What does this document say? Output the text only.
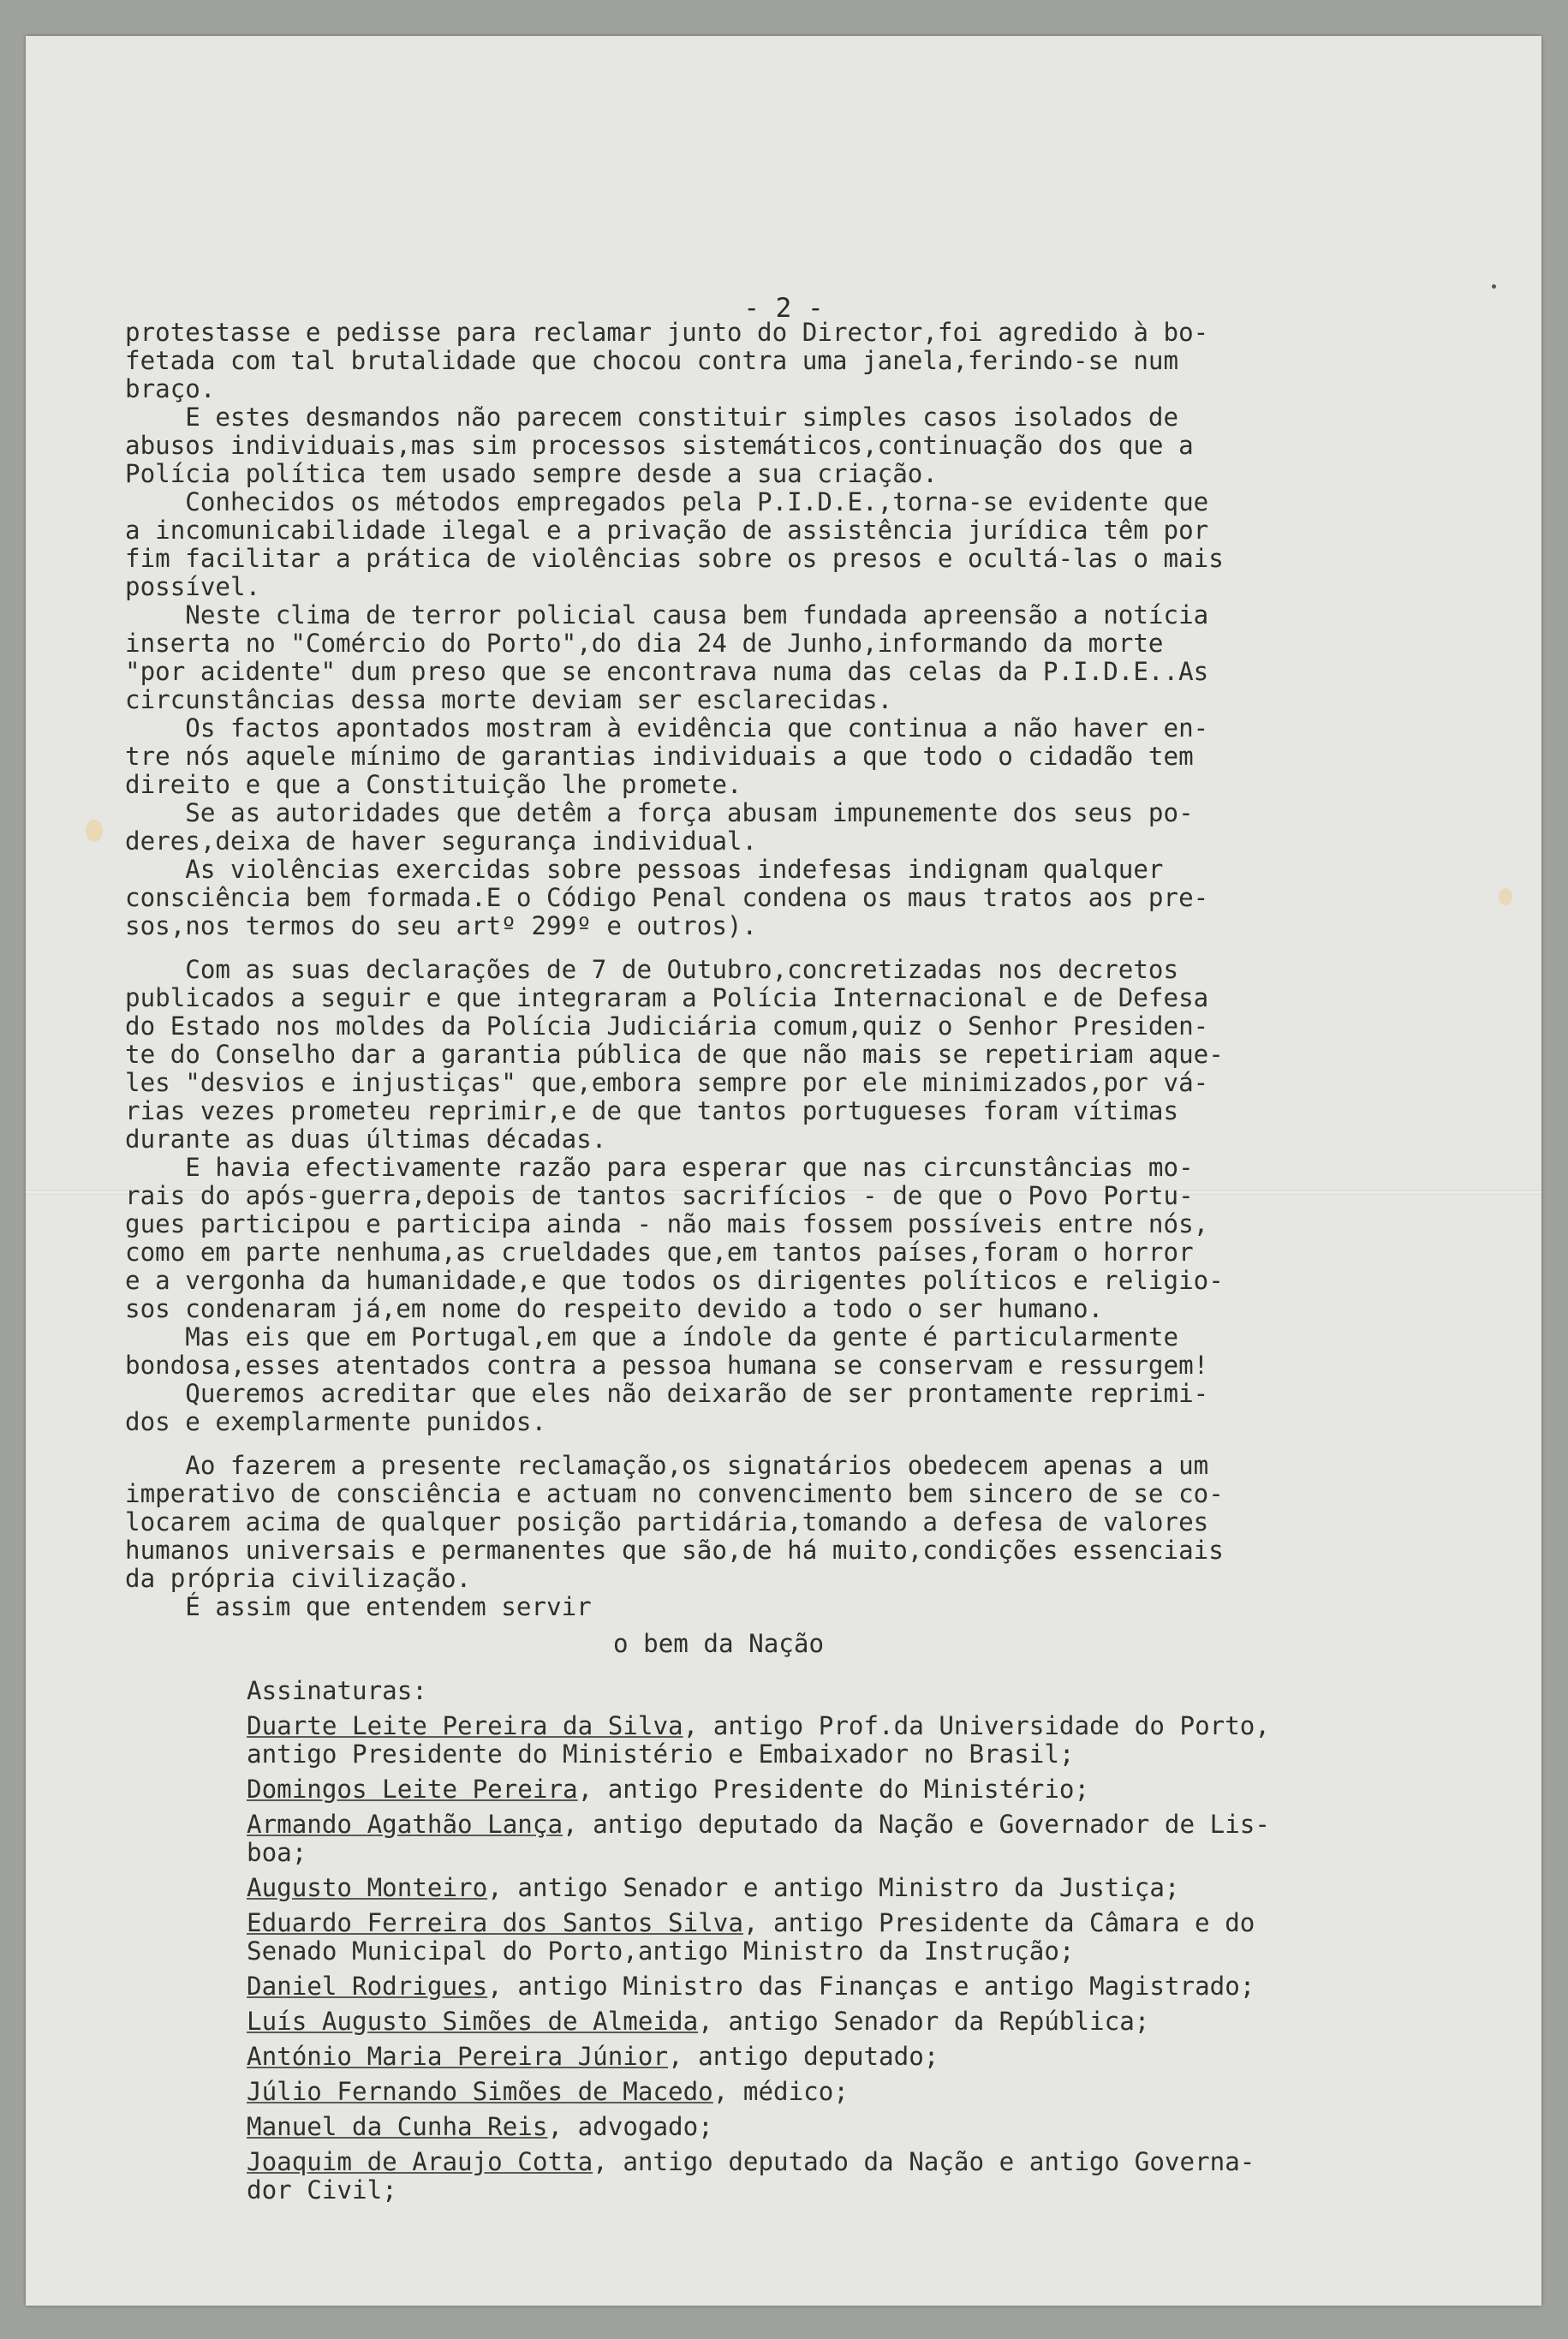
- 2 -
protestasse e pedisse para reclamar junto do Director,foi agredido à bo-
fetada com tal brutalidade que chocou contra uma janela,ferindo-se num
braço.
E estes desmandos não parecem constituir simples casos isolados de
abusos individuais,mas sim processos sistemáticos,continuação dos que a
Polícia política tem usado sempre desde a sua criação.
Conhecidos os métodos empregados pela P.I.D.E.,torna-se evidente que
a incomunicabilidade ilegal e a privação de assistência jurídica têm por
fim facilitar a prática de violências sobre os presos e ocultá-las o mais
possível.
Neste clima de terror policial causa bem fundada apreensão a notícia
inserta no "Comércio do Porto",do dia 24 de Junho,informando da morte
"por acidente" dum preso que se encontrava numa das celas da P.I.D.E..As
circunstâncias dessa morte deviam ser esclarecidas.
Os factos apontados mostram à evidência que continua a não haver en-
tre nós aquele mínimo de garantias individuais a que todo o cidadão tem
direito e que a Constituição lhe promete.
Se as autoridades que detêm a força abusam impunemente dos seus po-
deres,deixa de haver segurança individual.
As violências exercidas sobre pessoas indefesas indignam qualquer
consciência bem formada.E o Código Penal condena os maus tratos aos pre-
sos,nos termos do seu artº 299º e outros).
Com as suas declarações de 7 de Outubro,concretizadas nos decretos
publicados a seguir e que integraram a Polícia Internacional e de Defesa
do Estado nos moldes da Polícia Judiciária comum,quiz o Senhor Presiden-
te do Conselho dar a garantia pública de que não mais se repetiriam aque-
les "desvios e injustiças" que,embora sempre por ele minimizados,por vá-
rias vezes prometeu reprimir,e de que tantos portugueses foram vítimas
durante as duas últimas décadas.
E havia efectivamente razão para esperar que nas circunstâncias mo-
rais do após-guerra,depois de tantos sacrifícios - de que o Povo Portu-
gues participou e participa ainda - não mais fossem possíveis entre nós,
como em parte nenhuma,as crueldades que,em tantos países,foram o horror
e a vergonha da humanidade,e que todos os dirigentes políticos e religio-
sos condenaram já,em nome do respeito devido a todo o ser humano.
Mas eis que em Portugal,em que a índole da gente é particularmente
bondosa,esses atentados contra a pessoa humana se conservam e ressurgem!
Queremos acreditar que eles não deixarão de ser prontamente reprimi-
dos e exemplarmente punidos.
Ao fazerem a presente reclamação,os signatários obedecem apenas a um
imperativo de consciência e actuam no convencimento bem sincero de se co-
locarem acima de qualquer posição partidária,tomando a defesa de valores
humanos universais e permanentes que são,de há muito,condições essenciais
da própria civilização.
É assim que entendem servir
o bem da Nação
Assinaturas:
Duarte Leite Pereira da Silva, antigo Prof.da Universidade do Porto,
antigo Presidente do Ministério e Embaixador no Brasil;
Domingos Leite Pereira, antigo Presidente do Ministério;
Armando Agathão Lança, antigo deputado da Nação e Governador de Lis-
boa;
Augusto Monteiro, antigo Senador e antigo Ministro da Justiça;
Eduardo Ferreira dos Santos Silva, antigo Presidente da Câmara e do
Senado Municipal do Porto,antigo Ministro da Instrução;
Daniel Rodrigues, antigo Ministro das Finanças e antigo Magistrado;
Luís Augusto Simões de Almeida, antigo Senador da República;
António Maria Pereira Júnior, antigo deputado;
Júlio Fernando Simões de Macedo, médico;
Manuel da Cunha Reis, advogado;
Joaquim de Araujo Cotta, antigo deputado da Nação e antigo Governa-
dor Civil;
